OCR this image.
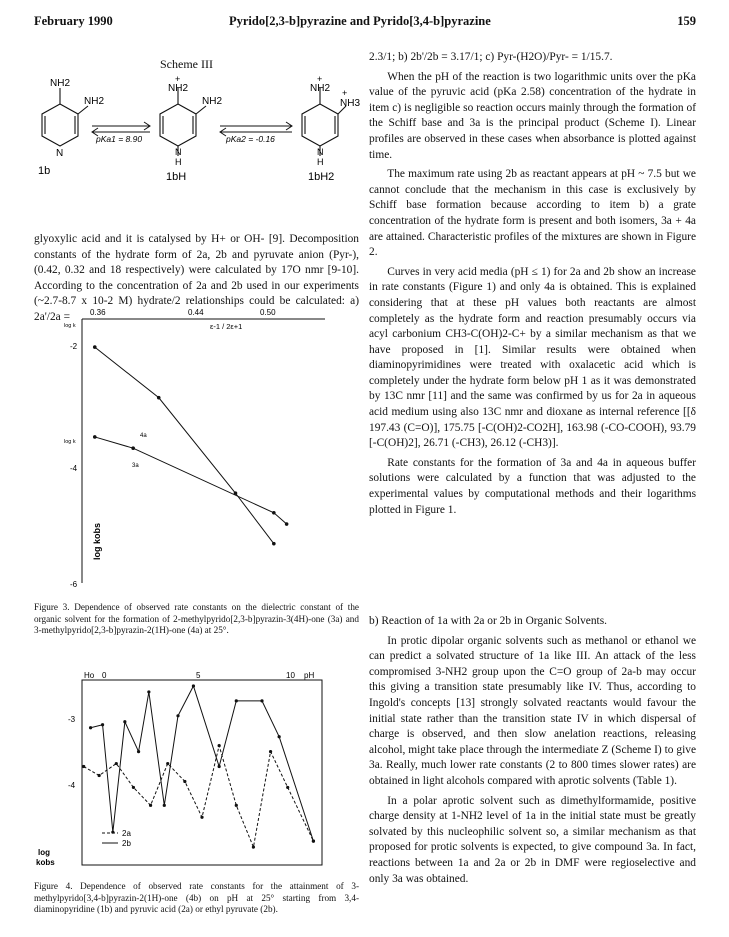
February 1990	Pyrido[2,3-b]pyrazine and Pyrido[3,4-b]pyrazine	159
Scheme III
NH2
NH2
N
1b
pKa1 = 8.90
+
NH2
NH2
N
H
1bH
pKa2 = -0.16
+
NH2 +
NH3
N
H
1bH2

glyoxylic acid and it is catalysed by H+ or OH- [9]. Decomposition constants of the hydrate form of 2a, 2b and pyruvate anion (Pyr-), (0.42, 0.32 and 18 respectively) were calculated by 17O nmr [9-10]. According to the concentration of 2a and 2b used in our experiments (~2.7-8.7 x 10-2 M) hydrate/2 relationships could be calculated: a) 2a'/2a =

2.3/1; b) 2b'/2b = 3.17/1; c) Pyr-(H2O)/Pyr- = 1/15.7.

When the pH of the reaction is two logarithmic units over the pKa value of the pyruvic acid (pKa 2.58) concentration of the hydrate in item c) is negligible so reaction occurs mainly through the formation of the Schiff base and 3a is the principal product (Scheme I). Linear profiles are observed in these cases when absorbance is plotted against time.

The maximum rate using 2b as reactant appears at pH ~ 7.5 but we cannot conclude that the mechanism in this case is exclusively by Schiff base formation because according to item b) a grate concentration of the hydrate form is present and both isomers, 3a + 4a are attained. Characteristic profiles of the mixtures are shown in Figure 2.

Curves in very acid media (pH ≤ 1) for 2a and 2b show an increase in rate constants (Figure 1) and only 4a is obtained. This is explained considering that at these pH values both reactants are almost completely as the hydrate form and reaction presumably occurs via acyl carbonium CH3-C(OH)2-C+ by a similar mechanism as that we have proposed in [1]. Similar results were obtained when diaminopyrimidines were treated with oxalacetic acid which is completely under the hydrate form below pH 1 as it was demonstrated by 13C nmr [11] and the same was confirmed by us for 2a in aqueous acid medium using also 13C nmr and dioxane as internal reference [[δ 197.43 (C=O)], 175.75 [-C(OH)2-CO2H], 163.98 (-CO-COOH), 93.79 [-C(OH)2], 26.71 (-CH3), 26.12 (-CH3)].

Rate constants for the formation of 3a and 4a in aqueous buffer solutions were calculated by a function that was adjusted to the experimental values by computational methods and their logarithms plotted in Figure 1.

b) Reaction of 1a with 2a or 2b in Organic Solvents.

In protic dipolar organic solvents such as methanol or ethanol we can predict a solvated structure of 1a like III. An attack of the less compromised 3-NH2 group upon the C=O group of 2a-b may occur this giving a transition state presumably like IV. Thus, according to Ingold's concepts [13] strongly solvated reactants would favour the initial state rather than the transition state IV in which dispersal of charge is observed, and then slow anelation reactions, releasing alcohol, might take place through the intermediate Z (Scheme I) to give 3a. Really, much lower rate constants (2 to 800 times slower rates) are obtained in light alcohols compared with aprotic solvents (Table 1).

In a polar aprotic solvent such as dimethylformamide, positive charge density at 1-NH2 level of 1a in the initial state must be greatly solvated by this nucleophilic solvent so, a similar mechanism as that proposed for protic solvents is expected, to give compound 3a. In fact, reactions between 1a and 2a or 2b in DMF were regioselective and only 3a was obtained.

0.36	0.44	0.50
ε-1 / 2ε+1
log k
log k
-2
-4
-6
4a
3a
log kobs
Figure 3. Dependence of observed rate constants on the dielectric constant of the organic solvent for the formation of 2-methylpyrido[2,3-b]pyrazin-3(4H)-one (3a) and 3-methylpyrido[2,3-b]pyrazin-2(1H)-one (4a) at 25°.
Ho 0	5	10 pH
-3
-4
log
kobs
2a
2b
Figure 4. Dependence of observed rate constants for the attainment of 3-methylpyrido[3,4-b]pyrazin-2(1H)-one (4b) on pH at 25° starting from 3,4-diaminopyridine (1b) and pyruvic acid (2a) or ethyl pyruvate (2b).
